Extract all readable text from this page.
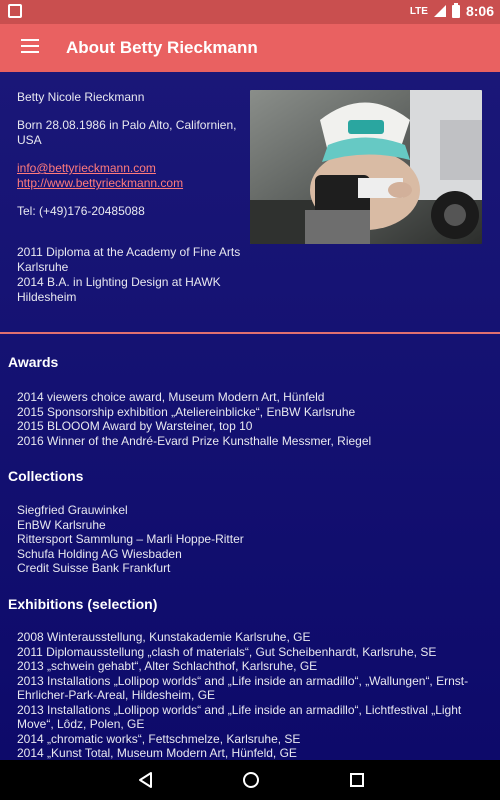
LTE	8:06
About Betty Rieckmann

Betty Nicole Rieckmann

Born 28.08.1986 in Palo Alto, Californien, USA

info@bettyrieckmann.com

http://www.bettyrieckmann.com

Tel: (+49)176-20485088

2011 Diploma at the Academy of Fine Arts Karlsruhe

2014 B.A. in Lighting Design at HAWK Hildesheim

Awards
2014 viewers choice award, Museum Modern Art, Hünfeld
2015 Sponsorship exhibition „Ateliereinblicke“, EnBW Karlsruhe
2015 BLOOOM Award by Warsteiner, top 10
2016 Winner of the André-Evard Prize Kunsthalle Messmer, Riegel
Collections
Siegfried Grauwinkel
EnBW Karlsruhe
Rittersport Sammlung – Marli Hoppe-Ritter
Schufa Holding AG Wiesbaden
Credit Suisse Bank Frankfurt
Exhibitions (selection)
2008 Winterausstellung, Kunstakademie Karlsruhe, GE
2011 Diplomausstellung „clash of materials“, Gut Scheibenhardt, Karlsruhe, SE
2013 „schwein gehabt“, Alter Schlachthof, Karlsruhe, GE
2013 Installations „Lollipop worlds“ and „Life inside an armadillo“, „Wallungen“, Ernst-Ehrlicher-Park-Areal, Hildesheim, GE
2013 Installations „Lollipop worlds“ and „Life inside an armadillo“, Lichtfestival „Light Move“, Lôdz, Polen, GE
2014 „chromatic works“, Fettschmelze, Karlsruhe, SE
2014 „Kunst Total, Museum Modern Art, Hünfeld, GE
